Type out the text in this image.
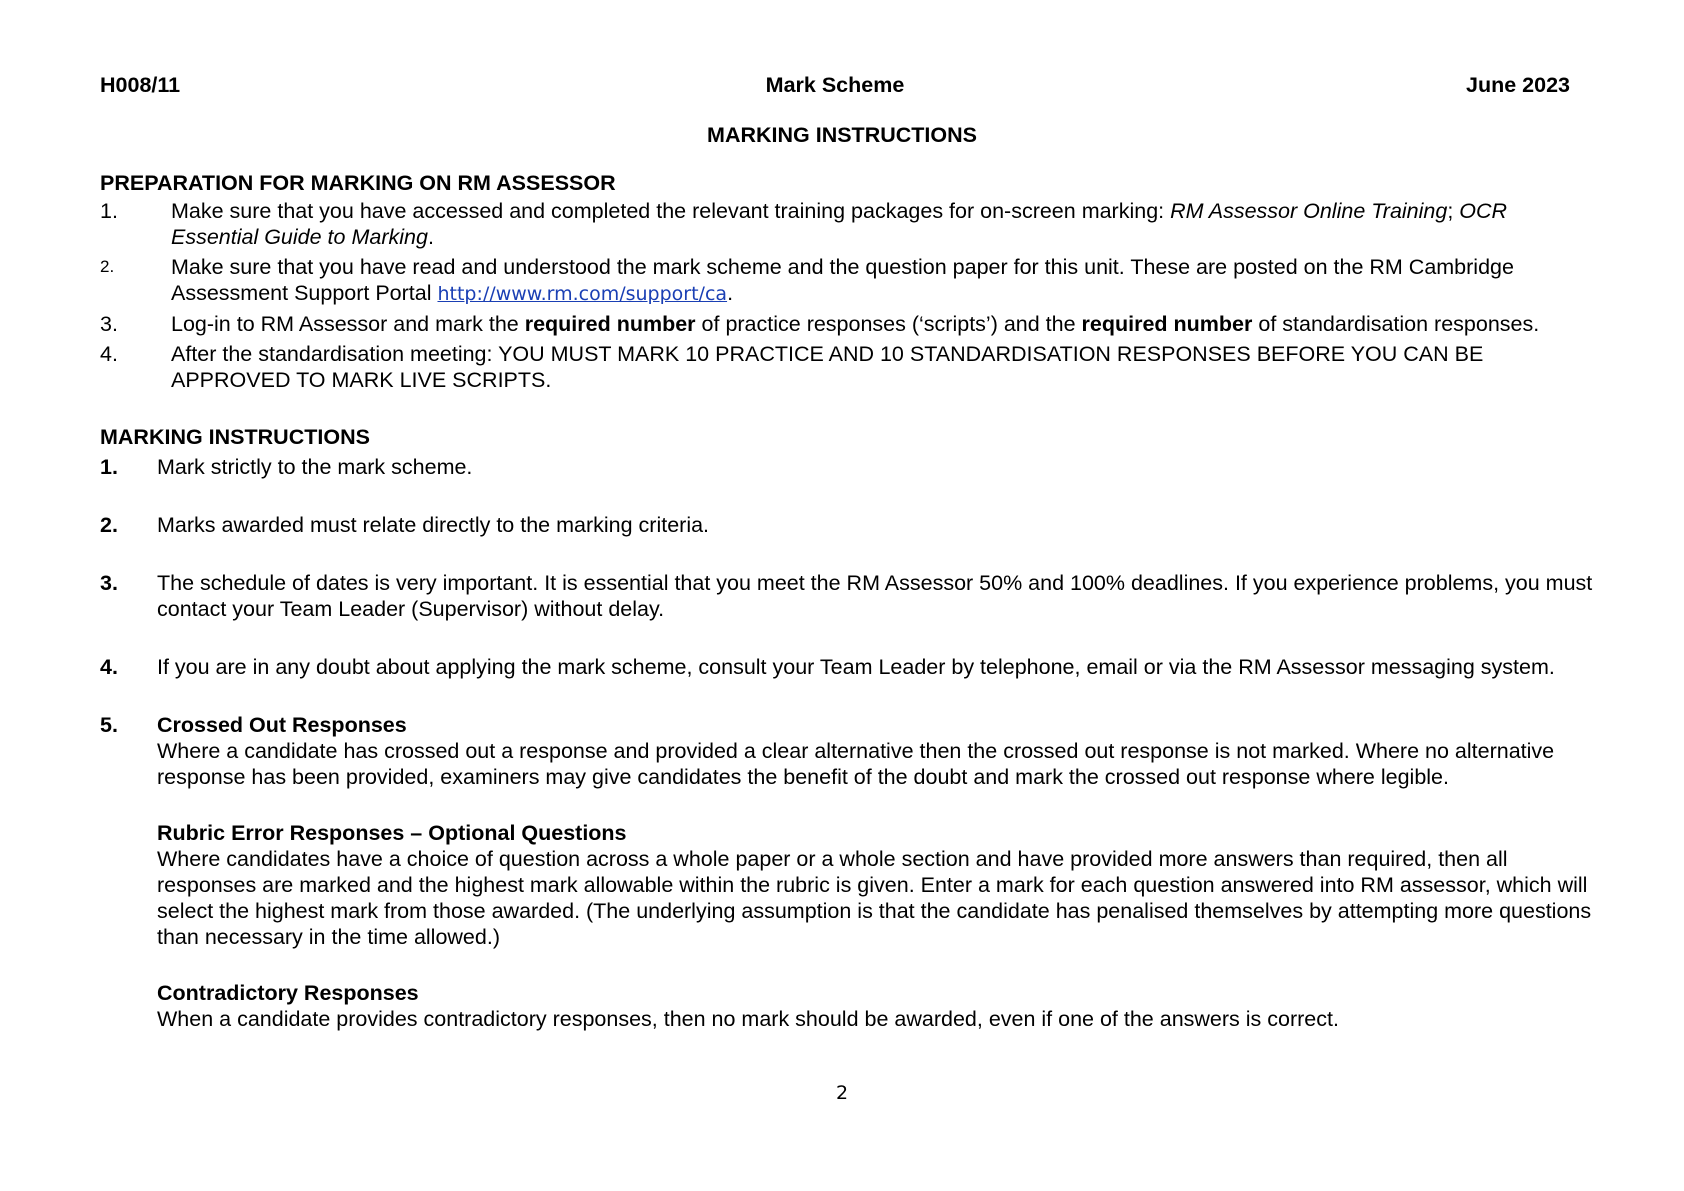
H008/11	Mark Scheme	June 2023
MARKING INSTRUCTIONS
PREPARATION FOR MARKING ON RM ASSESSOR
1. Make sure that you have accessed and completed the relevant training packages for on-screen marking: RM Assessor Online Training; OCR Essential Guide to Marking.
2.	Make sure that you have read and understood the mark scheme and the question paper for this unit. These are posted on the RM Cambridge Assessment Support Portal http://www.rm.com/support/ca.
3. Log-in to RM Assessor and mark the required number of practice responses (‘scripts’) and the required number of standardisation responses.
4. After the standardisation meeting: YOU MUST MARK 10 PRACTICE AND 10 STANDARDISATION RESPONSES BEFORE YOU CAN BE APPROVED TO MARK LIVE SCRIPTS.
MARKING INSTRUCTIONS
1. Mark strictly to the mark scheme.
2. Marks awarded must relate directly to the marking criteria.
3. The schedule of dates is very important. It is essential that you meet the RM Assessor 50% and 100% deadlines. If you experience problems, you must contact your Team Leader (Supervisor) without delay.
4. If you are in any doubt about applying the mark scheme, consult your Team Leader by telephone, email or via the RM Assessor messaging system.
5. Crossed Out Responses
Where a candidate has crossed out a response and provided a clear alternative then the crossed out response is not marked. Where no alternative response has been provided, examiners may give candidates the benefit of the doubt and mark the crossed out response where legible.
Rubric Error Responses – Optional Questions
Where candidates have a choice of question across a whole paper or a whole section and have provided more answers than required, then all responses are marked and the highest mark allowable within the rubric is given. Enter a mark for each question answered into RM assessor, which will select the highest mark from those awarded. (The underlying assumption is that the candidate has penalised themselves by attempting more questions than necessary in the time allowed.)
Contradictory Responses
When a candidate provides contradictory responses, then no mark should be awarded, even if one of the answers is correct.
2
